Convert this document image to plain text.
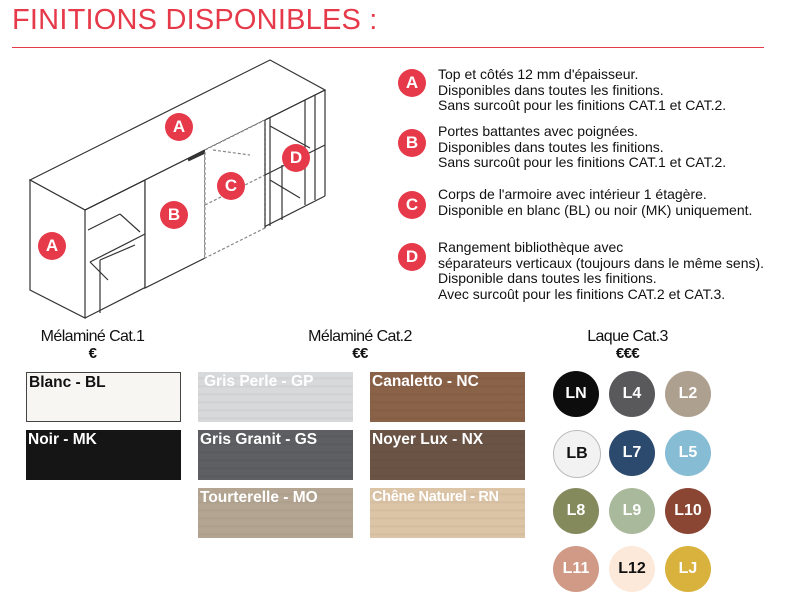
FINITIONS DISPONIBLES :
A
D
C
B
A
A	Top et côtés 12 mm d'épaisseur.
Disponibles dans toutes les finitions.
Sans surcoût pour les finitions CAT.1 et CAT.2.
B
Portes battantes avec poignées.
Disponibles dans toutes les finitions.
Sans surcoût pour les finitions CAT.1 et CAT.2.
C
Corps de l'armoire avec intérieur 1 étagère.
Disponible en blanc (BL) ou noir (MK) uniquement.
D	Rangement bibliothèque avec
séparateurs verticaux (toujours dans le même sens).
Disponible dans toutes les finitions.
Avec surcoût pour les finitions CAT.2 et CAT.3.
Mélaminé Cat.1
€
Mélaminé Cat.2
€€
Laque Cat.3
€€€
Blanc - BL
Noir - MK
Gris Perle - GP	Canaletto - NC
Gris Granit - GS	Noyer Lux - NX
Tourterelle - MO	Chêne Naturel - RN
LN	L4	L2
LB	L7	L5
L8	L9	L10
L11	L12	LJ
